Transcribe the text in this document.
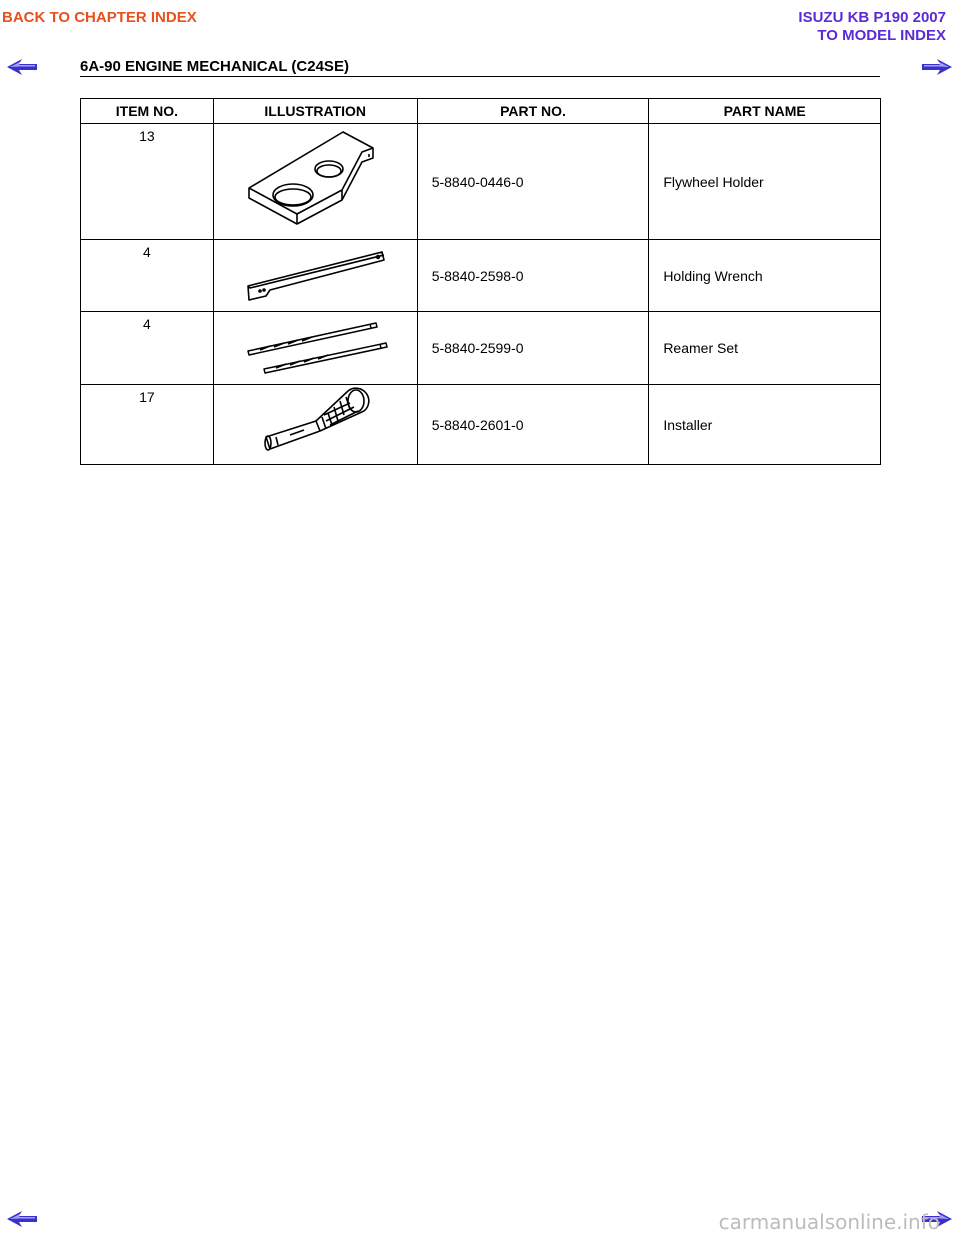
BACK TO CHAPTER INDEX	ISUZU KB P190 2007
TO MODEL INDEX
6A-90 ENGINE MECHANICAL (C24SE)
ITEM NO.	ILLUSTRATION	PART NO.	PART NAME
13		5-8840-0446-0	Flywheel Holder
4		5-8840-2598-0	Holding Wrench
4		5-8840-2599-0	Reamer Set
17		5-8840-2601-0	Installer
carmanualsonline.info
